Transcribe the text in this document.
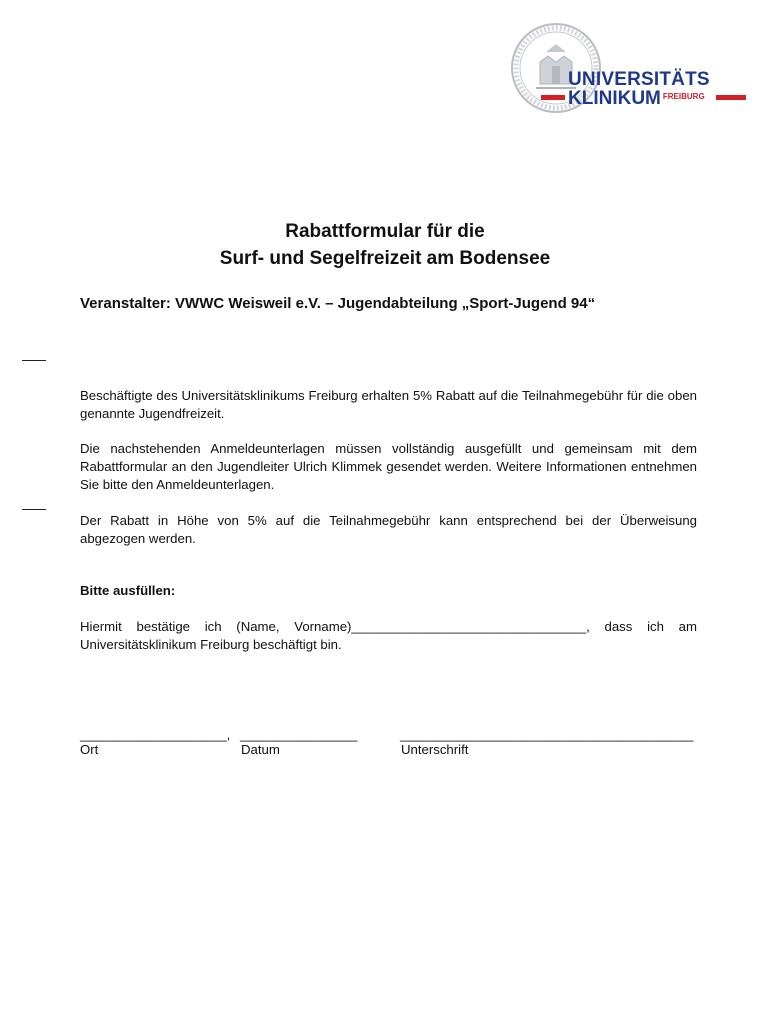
UNIVERSITÄTS
KLINIKUM FREIBURG
Rabattformular für die
Surf- und Segelfreizeit am Bodensee
Veranstalter: VWWC Weisweil e.V. – Jugendabteilung „Sport-Jugend 94“
Beschäftigte des Universitätsklinikums Freiburg erhalten 5% Rabatt auf die Teilnahmegebühr für die oben genannte Jugendfreizeit.
Die nachstehenden Anmeldeunterlagen müssen vollständig ausgefüllt und gemeinsam mit dem Rabattformular an den Jugendleiter Ulrich Klimmek gesendet werden. Weitere Informationen entnehmen Sie bitte den Anmeldeunterlagen.
Der Rabatt in Höhe von 5% auf die Teilnahmegebühr kann entsprechend bei der Überweisung abgezogen werden.
Bitte ausfüllen:
Hiermit bestätige ich (Name, Vorname)________________________________, dass ich am Universitätsklinikum Freiburg beschäftigt bin.
____________________, ________________	________________________________________
Ort	Datum	Unterschrift
